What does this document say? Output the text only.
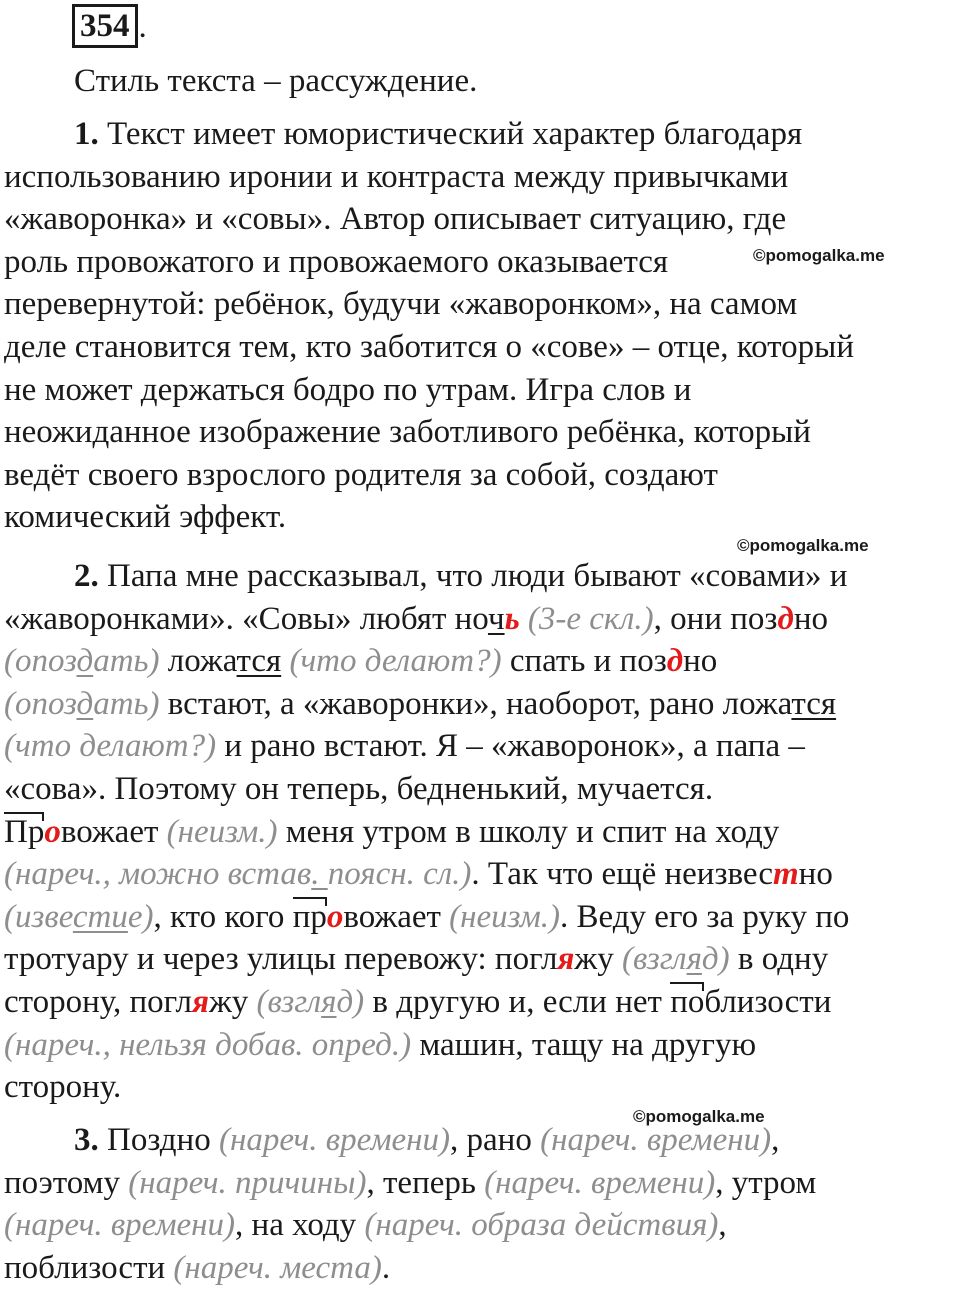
354 .
Стиль текста – рассуждение.
1. Текст имеет юмористический характер благодаря
использованию иронии и контраста между привычками
«жаворонка» и «совы». Автор описывает ситуацию, где
роль провожатого и провожаемого оказывается
перевернутой: ребёнок, будучи «жаворонком», на самом
деле становится тем, кто заботится о «сове» – отце, который
не может держаться бодро по утрам. Игра слов и
неожиданное изображение заботливого ребёнка, который
ведёт своего взрослого родителя за собой, создают
комический эффект.
©pomogalka.me
©pomogalka.me
©pomogalka.me
2. Папа мне рассказывал, что люди бывают «совами» и
«жаворонками». «Совы» любят ночь (3-е скл.), они поздно
(опоздать) ложатся (что делают?) спать и поздно
(опоздать) встают, а «жаворонки», наоборот, рано ложатся
(что делают?) и рано встают. Я – «жаворонок», а папа –
«сова». Поэтому он теперь, бедненький, мучается.
Провожает (неизм.) меня утром в школу и спит на ходу
(нареч., можно встав. поясн. сл.). Так что ещё неизвестно
(известие), кто кого провожает (неизм.). Веду его за руку по
тротуару и через улицы перевожу: погляжу (взгляд) в одну
сторону, погляжу (взгляд) в другую и, если нет поблизости
(нареч., нельзя добав. опред.) машин, тащу на другую
сторону.
3. Поздно (нареч. времени), рано (нареч. времени),
поэтому (нареч. причины), теперь (нареч. времени), утром
(нареч. времени), на ходу (нареч. образа действия),
поблизости (нареч. места).
